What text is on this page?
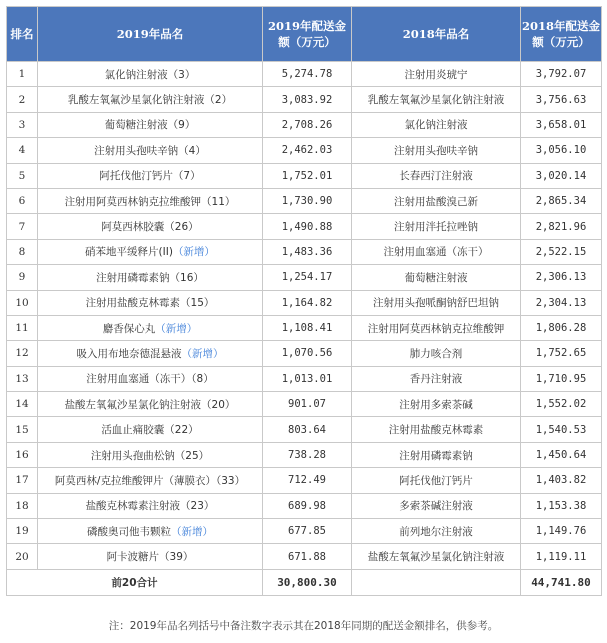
排名	2019年品名	2019年配送金额（万元）	2018年品名	2018年配送金额（万元）
1	氯化钠注射液（3）	5,274.78	注射用炎琥宁	3,792.07
2	乳酸左氧氟沙星氯化钠注射液（2）	3,083.92	乳酸左氧氟沙星氯化钠注射液	3,756.63
3	葡萄糖注射液（9）	2,708.26	氯化钠注射液	3,658.01
4	注射用头孢呋辛钠（4）	2,462.03	注射用头孢呋辛钠	3,056.10
5	阿托伐他汀钙片（7）	1,752.01	长春西汀注射液	3,020.14
6	注射用阿莫西林钠克拉维酸钾（11）	1,730.90	注射用盐酸溴己新	2,865.34
7	阿莫西林胶囊（26）	1,490.88	注射用泮托拉唑钠	2,821.96
8	硝苯地平缓释片(II)（新增）	1,483.36	注射用血塞通（冻干）	2,522.15
9	注射用磷霉素钠（16）	1,254.17	葡萄糖注射液	2,306.13
10	注射用盐酸克林霉素（15）	1,164.82	注射用头孢哌酮钠舒巴坦钠	2,304.13
11	麝香保心丸（新增）	1,108.41	注射用阿莫西林钠克拉维酸钾	1,806.28
12	吸入用布地奈德混悬液（新增）	1,070.56	肺力咳合剂	1,752.65
13	注射用血塞通（冻干）（8）	1,013.01	香丹注射液	1,710.95
14	盐酸左氧氟沙星氯化钠注射液（20）	901.07	注射用多索茶碱	1,552.02
15	活血止痛胶囊（22）	803.64	注射用盐酸克林霉素	1,540.53
16	注射用头孢曲松钠（25）	738.28	注射用磷霉素钠	1,450.64
17	阿莫西林/克拉维酸钾片（薄膜衣）（33）	712.49	阿托伐他汀钙片	1,403.82
18	盐酸克林霉素注射液（23）	689.98	多索茶碱注射液	1,153.38
19	磷酸奥司他韦颗粒（新增）	677.85	前列地尔注射液	1,149.76
20	阿卡波糖片（39）	671.88	盐酸左氧氟沙星氯化钠注射液	1,119.11
前20合计		30,800.30		44,741.80
注：2019年品名列括号中备注数字表示其在2018年同期的配送金额排名，供参考。
